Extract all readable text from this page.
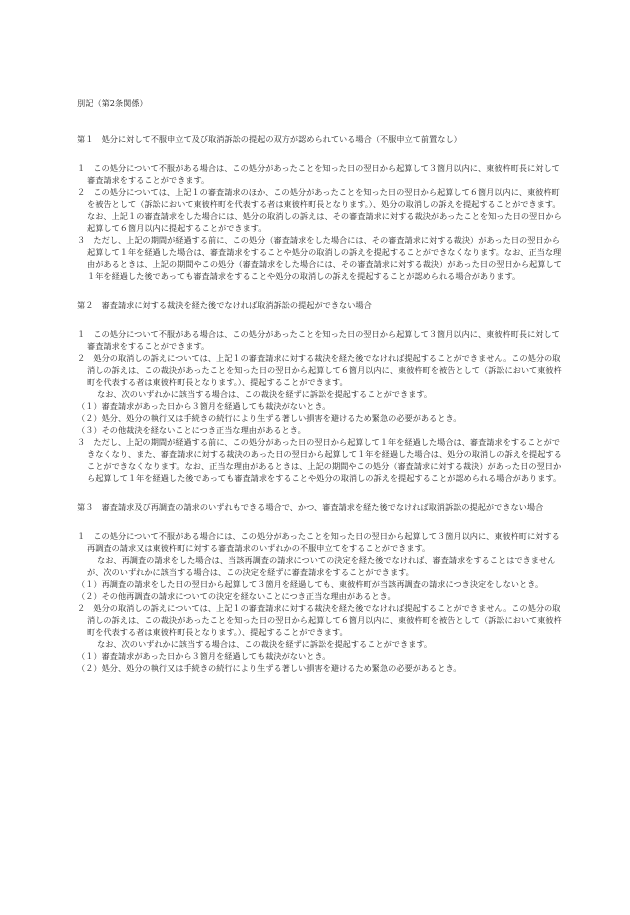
別記（第2条関係）

第１　処分に対して不服申立て及び取消訴訟の提起の双方が認められている場合（不服申立て前置なし）

１　この処分について不服がある場合は、この処分があったことを知った日の翌日から起算して３箇月以内に、東彼杵町長に対して審査請求をすることができます。

２　この処分については、上記１の審査請求のほか、この処分があったことを知った日の翌日から起算して６箇月以内に、東彼杵町を被告として（訴訟において東彼杵町を代表する者は東彼杵町長となります。）、処分の取消しの訴えを提起することができます。なお、上記１の審査請求をした場合には、処分の取消しの訴えは、その審査請求に対する裁決があったことを知った日の翌日から起算して６箇月以内に提起することができます。

３　ただし、上記の期間が経過する前に、この処分（審査請求をした場合には、その審査請求に対する裁決）があった日の翌日から起算して１年を経過した場合は、審査請求をすることや処分の取消しの訴えを提起することができなくなります。なお、正当な理由があるときは、上記の期間やこの処分（審査請求をした場合には、その審査請求に対する裁決）があった日の翌日から起算して１年を経過した後であっても審査請求をすることや処分の取消しの訴えを提起することが認められる場合があります。

第２　審査請求に対する裁決を経た後でなければ取消訴訟の提起ができない場合

１　この処分について不服がある場合は、この処分があったことを知った日の翌日から起算して３箇月以内に、東彼杵町長に対して審査請求をすることができます。

２　処分の取消しの訴えについては、上記１の審査請求に対する裁決を経た後でなければ提起することができません。この処分の取消しの訴えは、この裁決があったことを知った日の翌日から起算して６箇月以内に、東彼杵町を被告として（訴訟において東彼杵町を代表する者は東彼杵町長となります。）、提起することができます。

なお、次のいずれかに該当する場合は、この裁決を経ずに訴訟を提起することができます。

（１）審査請求があった日から３箇月を経過しても裁決がないとき。

（２）処分、処分の執行又は手続きの続行により生ずる著しい損害を避けるため緊急の必要があるとき。

（３）その他裁決を経ないことにつき正当な理由があるとき。

３　ただし、上記の期間が経過する前に、この処分があった日の翌日から起算して１年を経過した場合は、審査請求をすることができなくなり、また、審査請求に対する裁決のあった日の翌日から起算して１年を経過した場合は、処分の取消しの訴えを提起することができなくなります。なお、正当な理由があるときは、上記の期間やこの処分（審査請求に対する裁決）があった日の翌日から起算して１年を経過した後であっても審査請求をすることや処分の取消しの訴えを提起することが認められる場合があります。

第３　審査請求及び再調査の請求のいずれもできる場合で、かつ、審査請求を経た後でなければ取消訴訟の提起ができない場合

１　この処分について不服がある場合には、この処分があったことを知った日の翌日から起算して３箇月以内に、東彼杵町に対する再調査の請求又は東彼杵町に対する審査請求のいずれかの不服申立てをすることができます。

なお、再調査の請求をした場合は、当該再調査の請求についての決定を経た後でなければ、審査請求をすることはできませんが、次のいずれかに該当する場合は、この決定を経ずに審査請求をすることができます。

（１）再調査の請求をした日の翌日から起算して３箇月を経過しても、東彼杵町が当該再調査の請求につき決定をしないとき。

（２）その他再調査の請求についての決定を経ないことにつき正当な理由があるとき。

２　処分の取消しの訴えについては、上記１の審査請求に対する裁決を経た後でなければ提起することができません。この処分の取消しの訴えは、この裁決があったことを知った日の翌日から起算して６箇月以内に、東彼杵町を被告として（訴訟において東彼杵町を代表する者は東彼杵町長となります。）、提起することができます。

なお、次のいずれかに該当する場合は、この裁決を経ずに訴訟を提起することができます。

（１）審査請求があった日から３箇月を経過しても裁決がないとき。

（２）処分、処分の執行又は手続きの続行により生ずる著しい損害を避けるため緊急の必要があるとき。
